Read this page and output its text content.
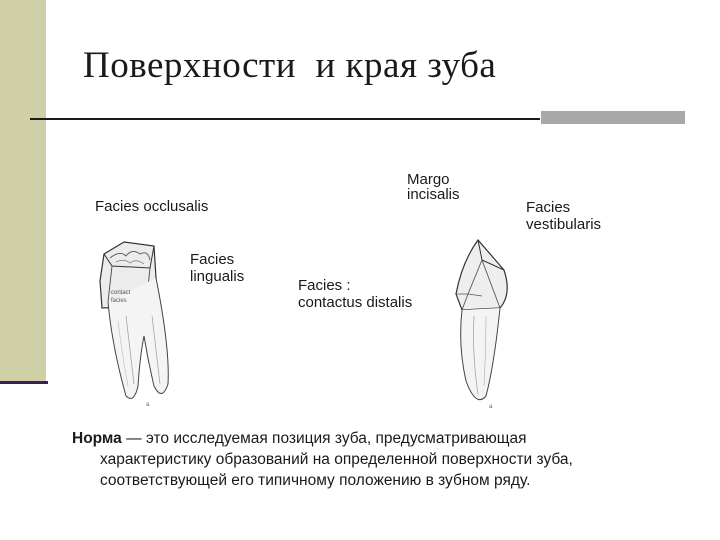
Поверхности  и края зуба
Facies occlusalis
Facies
lingualis
Margo
incisalis
Facies :
contactus distalis
Facies
vestibularis
contact
facies
a	a
Норма — это исследуемая позиция зуба, предусматривающая
характеристику образований на определенной поверхности зуба,
соответствующей его типичному положению в зубном ряду.
